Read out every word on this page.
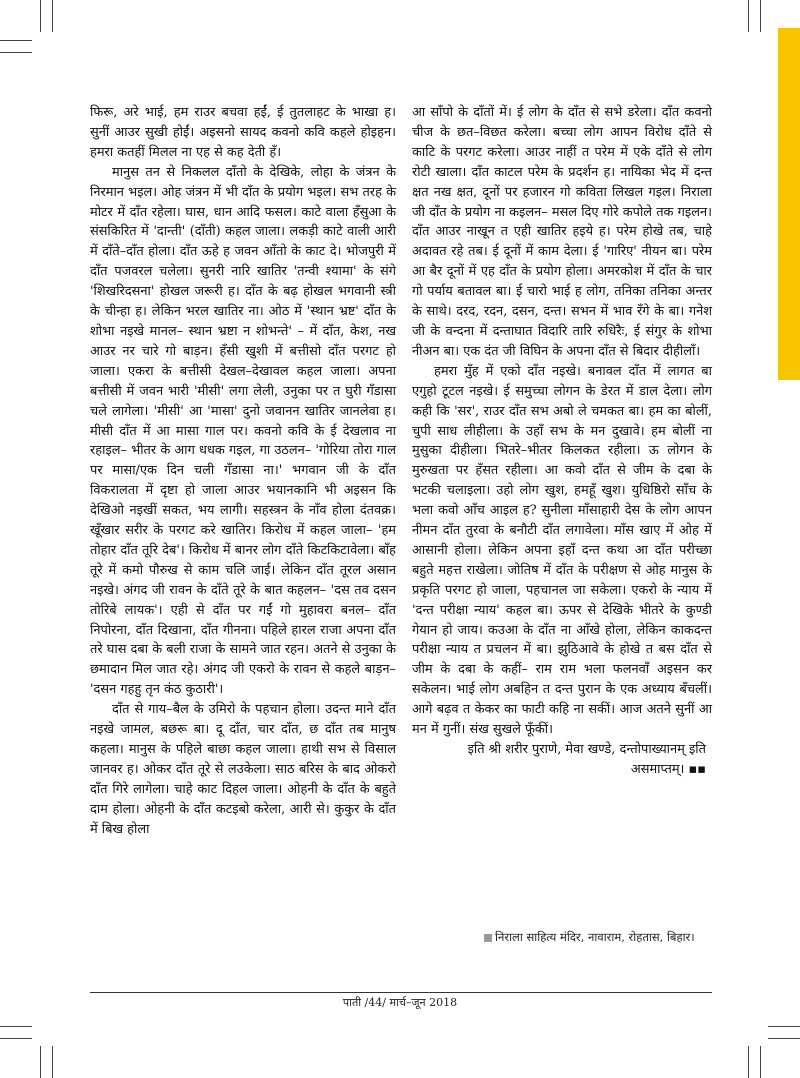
फिरू, अरे भाई, हम राउर बचवा हईं, ई तुतलाहट के भाखा ह। सुनीं आउर सुखी होईं। अइसनो सायद कवनो कवि कहले होइहन। हमरा कतहीं मिलल ना एह से कह देती हँ।

मानुस तन से निकलल दाँतो के देखिके, लोहा के जंत्रन के निरमान भइल। ओह जंत्रन में भी दाँत के प्रयोग भइल। सभ तरह के मोटर में दाँत रहेला। घास, धान आदि फसल। काटे वाला हँसुआ के संसकिरित में 'दान्ती' (दाँती) कहल जाला। लकड़ी काटे वाली आरी में दाँते–दाँत होला। दाँत ऊहे ह जवन आँतो के काट दे। भोजपुरी में दाँत पजवरल चलेला। सुनरी नारि खातिर 'तन्वी श्यामा' के संगे 'शिखरिदसना' होखल जरूरी ह। दाँत के बढ़ होखल भगवानी स्त्री के चीन्हा ह। लेकिन भरल खातिर ना। ओठ में 'स्थान भ्रष्ट' दाँत के शोभा नइखे मानल– स्थान भ्रष्टा न शोभन्ते' – में दाँत, केश, नख आउर नर चारे गो बाड़न। हँसी खुशी में बत्तीसो दाँत परगट हो जाला। एकरा के बत्तीसी देखल–देखावल कहल जाला। अपना बत्तीसी में जवन भारी 'मीसी' लगा लेली, उनुका पर त घुरी गँडासा चले लागेला। 'मीसी' आ 'मासा' दुनो जवानन खातिर जानलेवा ह। मीसी दाँत में आ मासा गाल पर। कवनो कवि के ई देखलाव ना रहाइल– भीतर के आग धधक गइल, गा उठलन– 'गोरिया तोरा गाल पर मासा/एक दिन चली गँडासा ना।' भगवान जी के दाँत विकरालता में दृष्टा हो जाला आउर भयानकानि भी अइसन कि देखिओ नइखीं सकत, भय लागी। सहस्त्रन के नाँव होला दंतवक्र। खूँखार सरीर के परगट करे खातिर। किरोध में कहल जाला– 'हम तोहार दाँत तूरि देब'। किरोध में बानर लोग दाँते किटकिटावेला। बाँह तूरे में कमो पौरुख से काम चलि जाई। लेकिन दाँत तूरल असान नइखे। अंगद जी रावन के दाँते तूरे के बात कहलन– 'दस तव दसन तोरिबे लायक'। एही से दाँत पर गईं गो मुहावरा बनल– दाँत निपोरना, दाँत दिखाना, दाँत गीनना। पहिले हारल राजा अपना दाँत तरे घास दबा के बली राजा के सामने जात रहन। अतने से उनुका के छमादान मिल जात रहे। अंगद जी एकरो के रावन से कहले बाड़न– 'दसन गहहु तृन कंठ कुठारी'।

दाँत से गाय–बैल के उमिरो के पहचान होला। उदन्त माने दाँत नइखे जामल, बछरू बा। दू दाँत, चार दाँत, छ दाँत तब मानुष कहला। मानुस के पहिले बाछा कहल जाला। हाथी सभ से विसाल जानवर ह। ओकर दाँत तूरे से लउकेला। साठ बरिस के बाद ओकरो दाँत गिरे लागेला। चाहे काट दिहल जाला। ओहनी के दाँत के बहुते दाम होला। ओहनी के दाँत कटइबो करेला, आरी से। कुकुर के दाँत में बिख होला

आ साँपो के दाँतों में। ई लोग के दाँत से सभे डरेला। दाँत कवनो चीज के छत–विछत करेला। बच्चा लोग आपन विरोध दाँते से काटि के परगट करेला। आउर नाहीं त परेम में एके दाँते से लोग रोटी खाला। दाँत काटल परेम के प्रदर्शन ह। नायिका भेद में दन्त क्षत नख क्षत, दूनों पर हजारन गो कविता लिखल गइल। निराला जी दाँत के प्रयोग ना कइलन– मसल दिए गोरे कपोले तक गइलन। दाँत आउर नाखून त एही खातिर हइये ह। परेम होखे तब, चाहे अदावत रहे तब। ई दूनों में काम देला। ई 'गारिए' नीयन बा। परेम आ बैर दूनों में एह दाँत के प्रयोग होला। अमरकोश में दाँत के चार गो पर्याय बतावल बा। ई चारो भाई ह लोग, तनिका तनिका अन्तर के साथे। दरद, रदन, दसन, दन्त। सभन में भाव रँगे के बा। गनेश जी के वन्दना में दन्ताघात विदारि तारि रुधिरैः, ई संगुर के शोभा नीअन बा। एक दंत जी विघिन के अपना दाँत से बिदार दीहीलाँ।

हमरा मुँह में एको दाँत नइखे। बनावल दाँत में लागत बा एगुहो टूटल नइखे। ई समुच्चा लोगन के डेरत में डाल देला। लोग कही कि 'सर', राउर दाँत सभ अबो ले चमकत बा। हम का बोलीं, चुपी साध लीहीला। के उहाँ सभ के मन दुखावे। हम बोलीं ना मुसुका दीहीला। भितरे–भीतर किलकत रहीला। ऊ लोगन के मुरुखता पर हँसत रहीला। आ कवो दाँत से जीम के दबा के भटकी चलाइला। उहो लोग खुश, हमहूँ खुश। युधिष्ठिरो साँच के भला कवो आँच आइल ह? सुनीला माँसाहारी देस के लोग आपन नीमन दाँत तुरवा के बनौटी दाँत लगावेला। माँस खाए में ओह में आसानी होला। लेकिन अपना इहाँ दन्त कथा आ दाँत परीच्छा बहुते महत्त राखेला। जोतिष में दाँत के परीक्षण से ओह मानुस के प्रकृति परगट हो जाला, पहचानल जा सकेला। एकरो के न्याय में 'दन्त परीक्षा न्याय' कहल बा। ऊपर से देखिके भीतरे के कुण्डी गेयान हो जाय। कउआ के दाँत ना आँखे होला, लेकिन काकदन्त परीक्षा न्याय त प्रचलन में बा। झुठिआवे के होखे त बस दाँत से जीम के दबा के कहीं– राम राम भला फलनवाँ अइसन कर सकेलन। भाई लोग अबहिन त दन्त पुरान के एक अध्याय बँचलीं। आगे बढ़व त केकर का फाटी कहि ना सकीं। आज अतने सुनीं आ मन में गुनीं। संख सुखले फूँकीं।

इति श्री शरीर पुराणे, मेवा खण्डे, दन्तोपाख्यानम् इति असमाप्तम्। ▪▪

निराला साहित्य मंदिर, नावाराम, रोहतास, बिहार।
पाती /44/ मार्च–जून 2018
